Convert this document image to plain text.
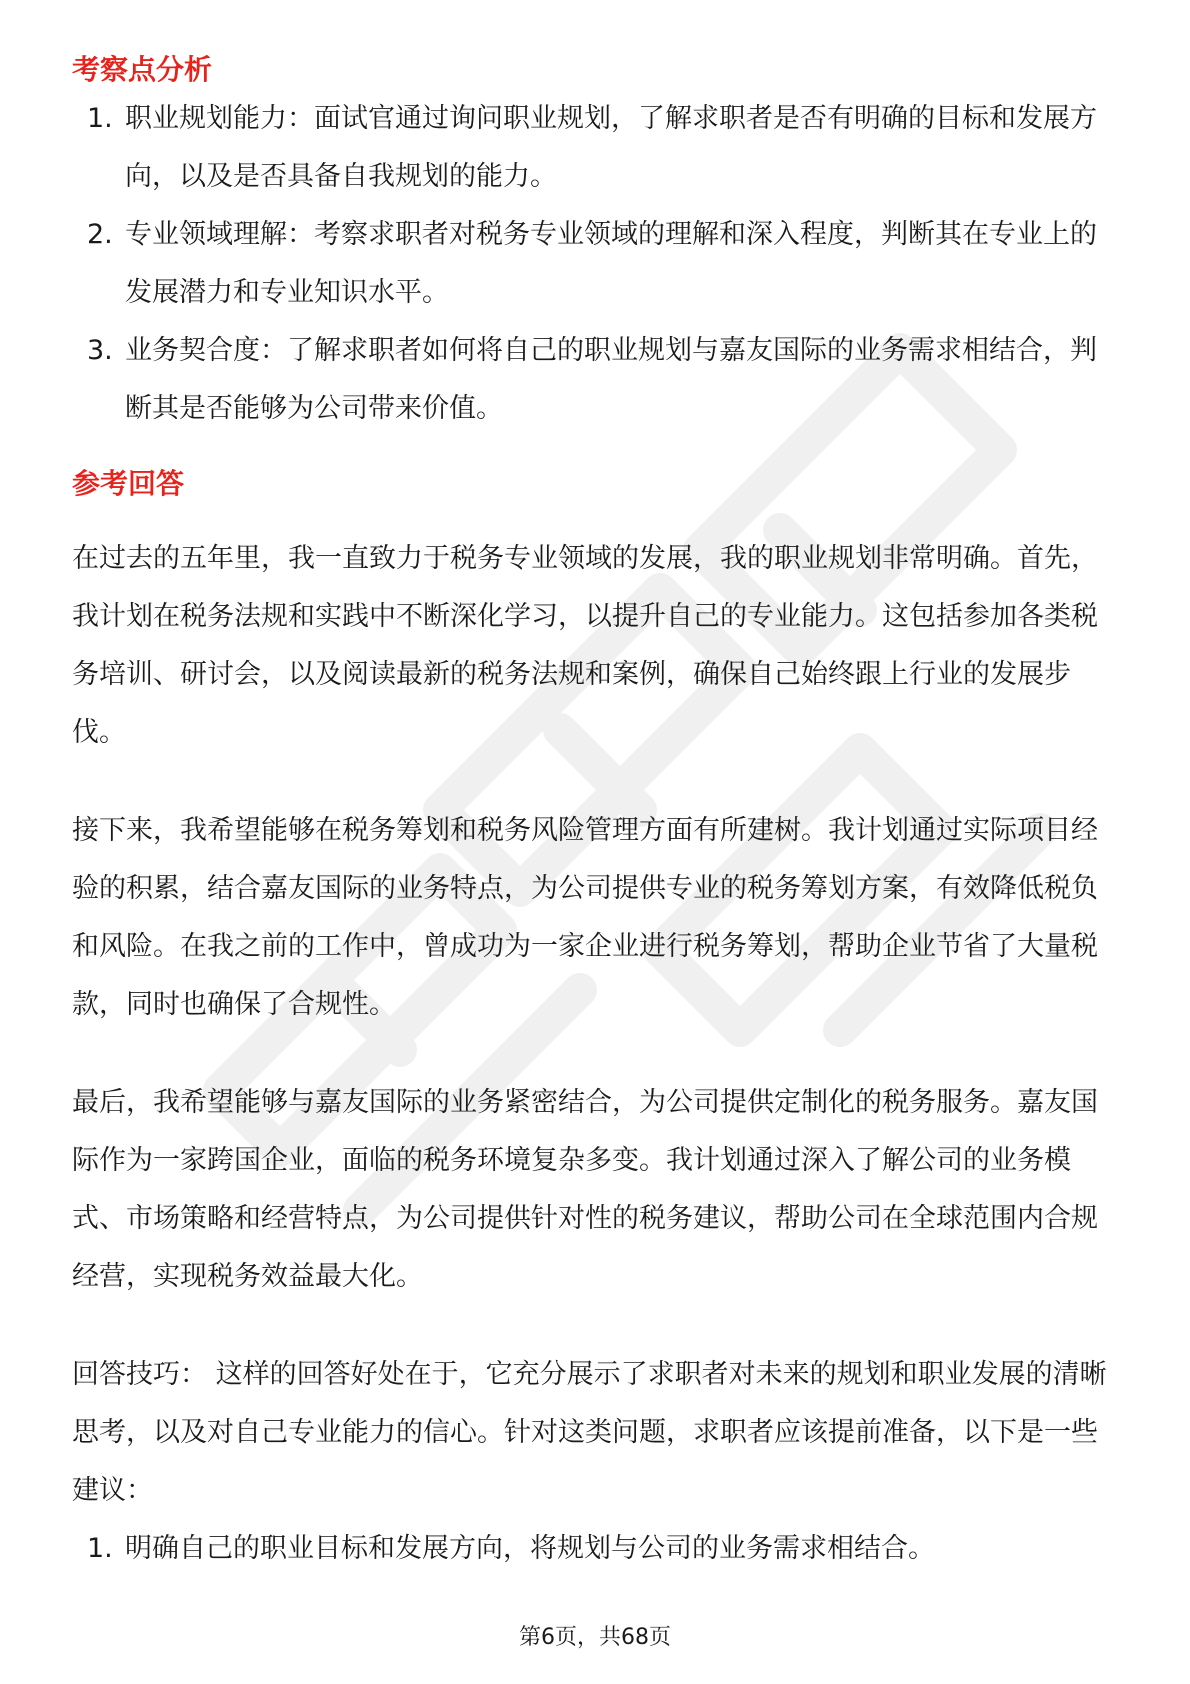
考察点分析
1. 职业规划能力：面试官通过询问职业规划，了解求职者是否有明确的目标和发展方向，以及是否具备自我规划的能力。
2. 专业领域理解：考察求职者对税务专业领域的理解和深入程度，判断其在专业上的发展潜力和专业知识水平。
3. 业务契合度：了解求职者如何将自己的职业规划与嘉友国际的业务需求相结合，判断其是否能够为公司带来价值。
参考回答

在过去的五年里，我一直致力于税务专业领域的发展，我的职业规划非常明确。首先，我计划在税务法规和实践中不断深化学习，以提升自己的专业能力。这包括参加各类税务培训、研讨会，以及阅读最新的税务法规和案例，确保自己始终跟上行业的发展步伐。

接下来，我希望能够在税务筹划和税务风险管理方面有所建树。我计划通过实际项目经验的积累，结合嘉友国际的业务特点，为公司提供专业的税务筹划方案，有效降低税负和风险。在我之前的工作中，曾成功为一家企业进行税务筹划，帮助企业节省了大量税款，同时也确保了合规性。

最后，我希望能够与嘉友国际的业务紧密结合，为公司提供定制化的税务服务。嘉友国际作为一家跨国企业，面临的税务环境复杂多变。我计划通过深入了解公司的业务模式、市场策略和经营特点，为公司提供针对性的税务建议，帮助公司在全球范围内合规经营，实现税务效益最大化。

回答技巧： 这样的回答好处在于，它充分展示了求职者对未来的规划和职业发展的清晰思考，以及对自己专业能力的信心。针对这类问题，求职者应该提前准备，以下是一些建议：

1. 明确自己的职业目标和发展方向，将规划与公司的业务需求相结合。
第6页，共68页
